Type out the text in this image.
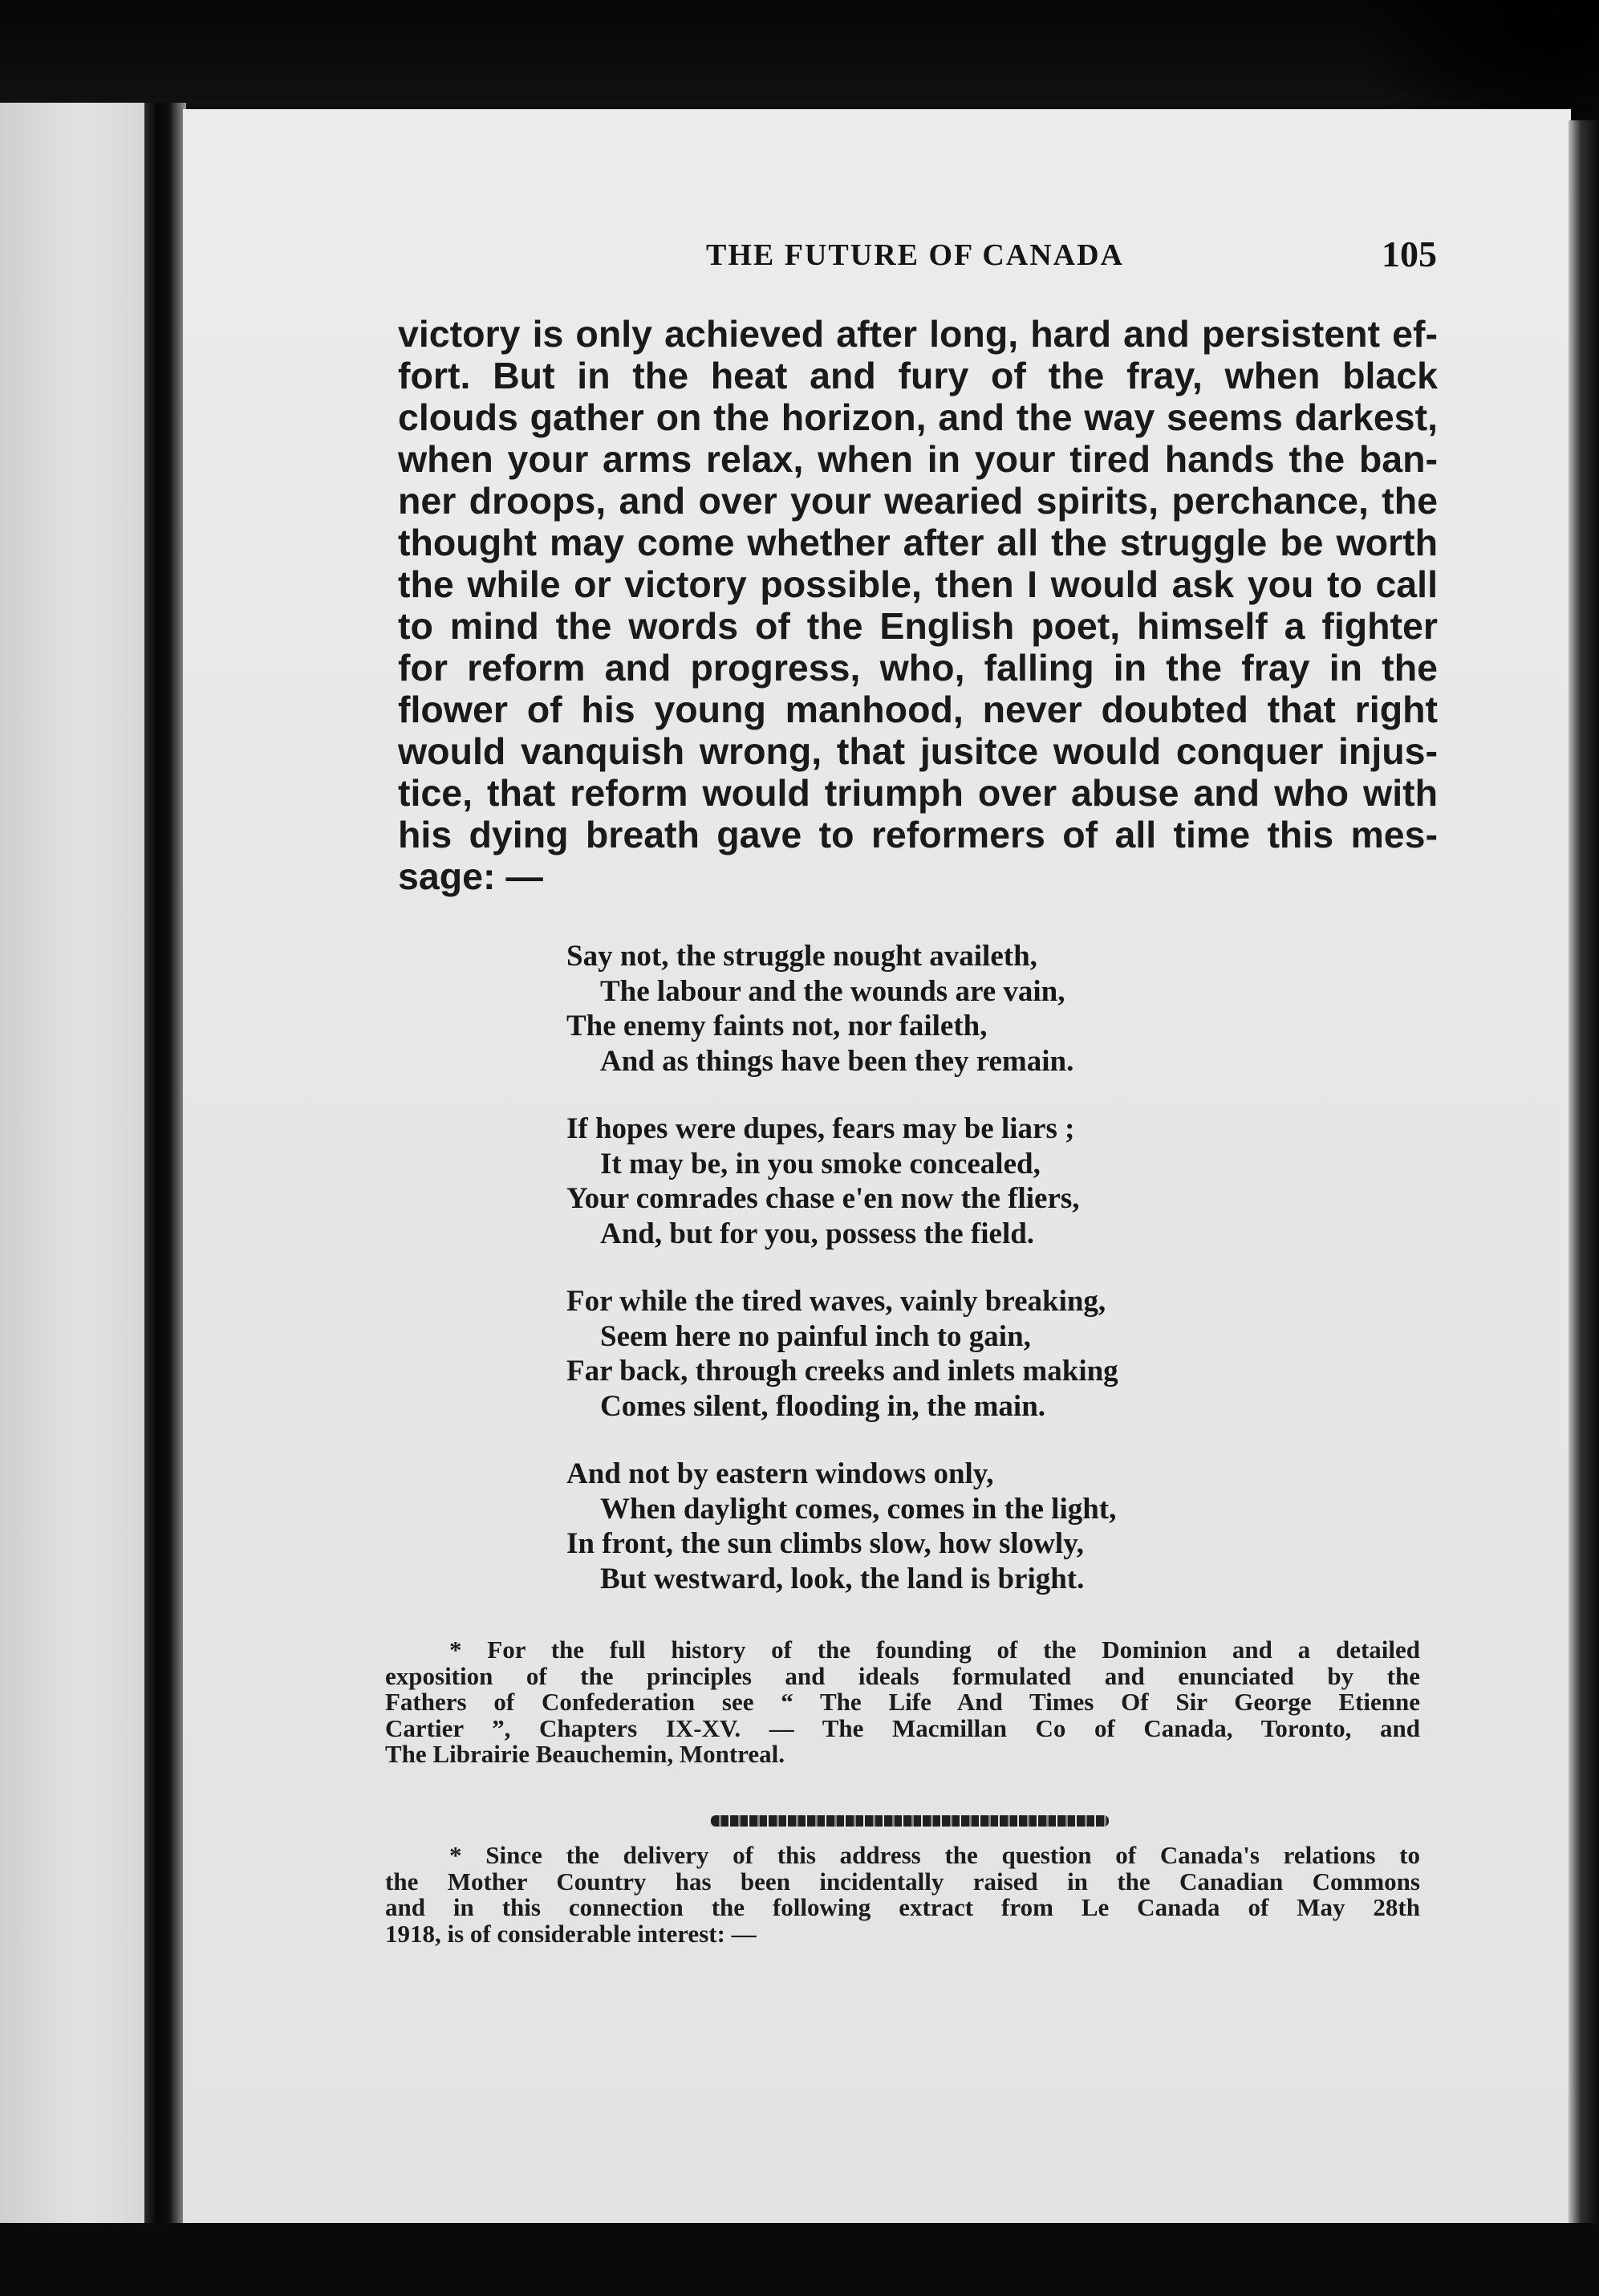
THE FUTURE OF CANADA	105
victory is only achieved after long, hard and persistent ef-
fort. But in the heat and fury of the fray, when black
clouds gather on the horizon, and the way seems darkest,
when your arms relax, when in your tired hands the ban-
ner droops, and over your wearied spirits, perchance, the
thought may come whether after all the struggle be worth
the while or victory possible, then I would ask you to call
to mind the words of the English poet, himself a fighter
for reform and progress, who, falling in the fray in the
flower of his young manhood, never doubted that right
would vanquish wrong, that jusitce would conquer injus-
tice, that reform would triumph over abuse and who with
his dying breath gave to reformers of all time this mes-
sage: —
Say not, the struggle nought availeth,
The labour and the wounds are vain,
The enemy faints not, nor faileth,
And as things have been they remain.
If hopes were dupes, fears may be liars ;
It may be, in you smoke concealed,
Your comrades chase e'en now the fliers,
And, but for you, possess the field.
For while the tired waves, vainly breaking,
Seem here no painful inch to gain,
Far back, through creeks and inlets making
Comes silent, flooding in, the main.
And not by eastern windows only,
When daylight comes, comes in the light,
In front, the sun climbs slow, how slowly,
But westward, look, the land is bright.
* For the full history of the founding of the Dominion and a detailed
exposition of the principles and ideals formulated and enunciated by the
Fathers of Confederation see “ The Life And Times Of Sir George Etienne
Cartier ”, Chapters IX-XV. — The Macmillan Co of Canada, Toronto, and
The Librairie Beauchemin, Montreal.
* Since the delivery of this address the question of Canada's relations to
the Mother Country has been incidentally raised in the Canadian Commons
and in this connection the following extract from Le Canada of May 28th
1918, is of considerable interest: —
